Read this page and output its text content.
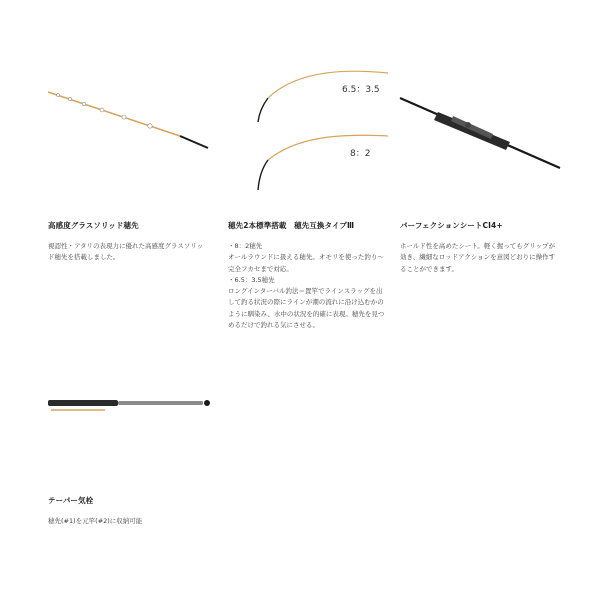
6.5：3.5
8：2
高感度グラスソリッド穂先
視認性・アタリの表現力に優れた高感度グラスソリッド穂先を搭載しました。
穂先2本標準搭載　穂先互換タイプⅢ
・8：2穂先
オールラウンドに扱える穂先。オモリを使った釣り～完全フカセまで対応。
・6.5：3.5穂先
ロングインターバル釣法＝置竿でラインスラッグを出して釣る状況の際にラインが潮の流れに沿け込むかのように馴染み、水中の状況を的確に表現。穂先を見つめるだけで釣れる気にさせる。
パーフェクションシートCI4+
ホールド性を高めたシート。軽く握ってもグリップが効き、繊細なロッドアクションを意図どおりに操作することができます。
テーパー気栓
穂先(#1)を元竿(#2)に収納可能
